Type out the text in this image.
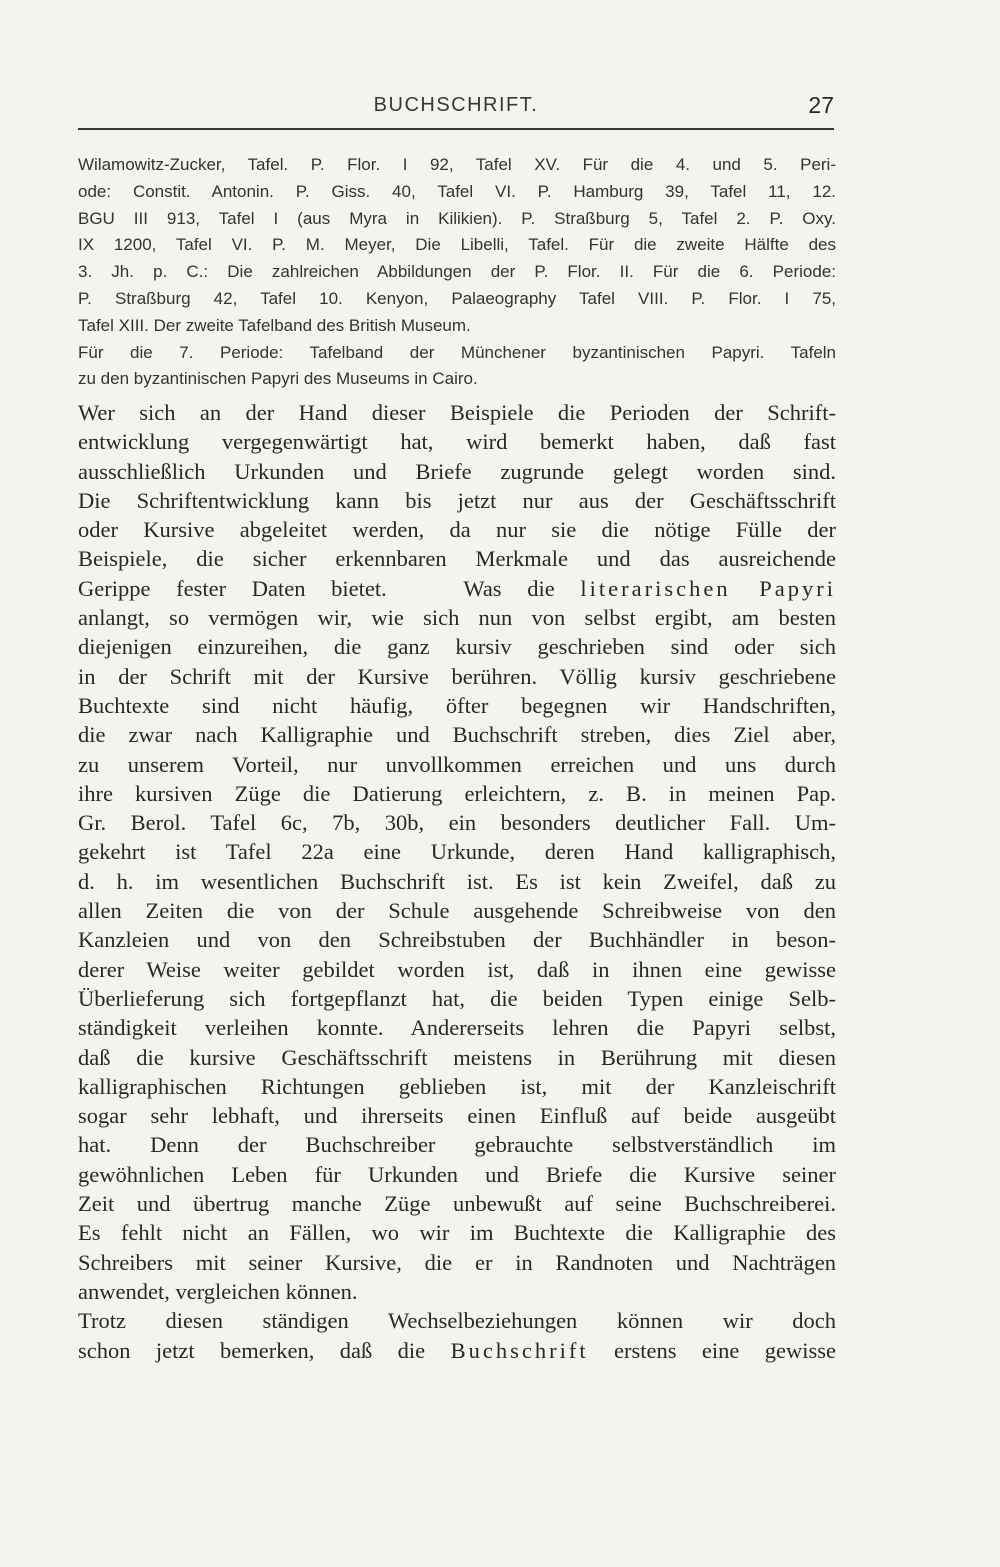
BUCHSCHRIFT.	27
Wilamowitz-Zucker, Tafel. P. Flor. I 92, Tafel XV. Für die 4. und 5. Peri-
ode: Constit. Antonin. P. Giss. 40, Tafel VI. P. Hamburg 39, Tafel 11, 12.
BGU III 913, Tafel I (aus Myra in Kilikien). P. Straßburg 5, Tafel 2. P. Oxy.
IX 1200, Tafel VI. P. M. Meyer, Die Libelli, Tafel. Für die zweite Hälfte des
3. Jh. p. C.: Die zahlreichen Abbildungen der P. Flor. II. Für die 6. Periode:
P. Straßburg 42, Tafel 10. Kenyon, Palaeography Tafel VIII. P. Flor. I 75,
Tafel XIII. Der zweite Tafelband des British Museum.
Für die 7. Periode: Tafelband der Münchener byzantinischen Papyri. Tafeln
zu den byzantinischen Papyri des Museums in Cairo.
Wer sich an der Hand dieser Beispiele die Perioden der Schrift-
entwicklung vergegenwärtigt hat, wird bemerkt haben, daß fast
ausschließlich Urkunden und Briefe zugrunde gelegt worden sind.
Die Schriftentwicklung kann bis jetzt nur aus der Geschäftsschrift
oder Kursive abgeleitet werden, da nur sie die nötige Fülle der
Beispiele, die sicher erkennbaren Merkmale und das ausreichende
Gerippe fester Daten bietet.	Was die literarischen Papyri
anlangt, so vermögen wir, wie sich nun von selbst ergibt, am besten
diejenigen einzureihen, die ganz kursiv geschrieben sind oder sich
in der Schrift mit der Kursive berühren. Völlig kursiv geschriebene
Buchtexte sind nicht häufig, öfter begegnen wir Handschriften,
die zwar nach Kalligraphie und Buchschrift streben, dies Ziel aber,
zu unserem Vorteil, nur unvollkommen erreichen und uns durch
ihre kursiven Züge die Datierung erleichtern, z. B. in meinen Pap.
Gr. Berol. Tafel 6c, 7b, 30b, ein besonders deutlicher Fall. Um-
gekehrt ist Tafel 22a eine Urkunde, deren Hand kalligraphisch,
d. h. im wesentlichen Buchschrift ist. Es ist kein Zweifel, daß zu
allen Zeiten die von der Schule ausgehende Schreibweise von den
Kanzleien und von den Schreibstuben der Buchhändler in beson-
derer Weise weiter gebildet worden ist, daß in ihnen eine gewisse
Überlieferung sich fortgepflanzt hat, die beiden Typen einige Selb-
ständigkeit verleihen konnte. Andererseits lehren die Papyri selbst,
daß die kursive Geschäftsschrift meistens in Berührung mit diesen
kalligraphischen Richtungen geblieben ist, mit der Kanzleischrift
sogar sehr lebhaft, und ihrerseits einen Einfluß auf beide ausgeübt
hat. Denn der Buchschreiber gebrauchte selbstverständlich im
gewöhnlichen Leben für Urkunden und Briefe die Kursive seiner
Zeit und übertrug manche Züge unbewußt auf seine Buchschreiberei.
Es fehlt nicht an Fällen, wo wir im Buchtexte die Kalligraphie des
Schreibers mit seiner Kursive, die er in Randnoten und Nachträgen
anwendet, vergleichen können.
Trotz diesen ständigen Wechselbeziehungen können wir doch
schon jetzt bemerken, daß die Buchschrift erstens eine gewisse
